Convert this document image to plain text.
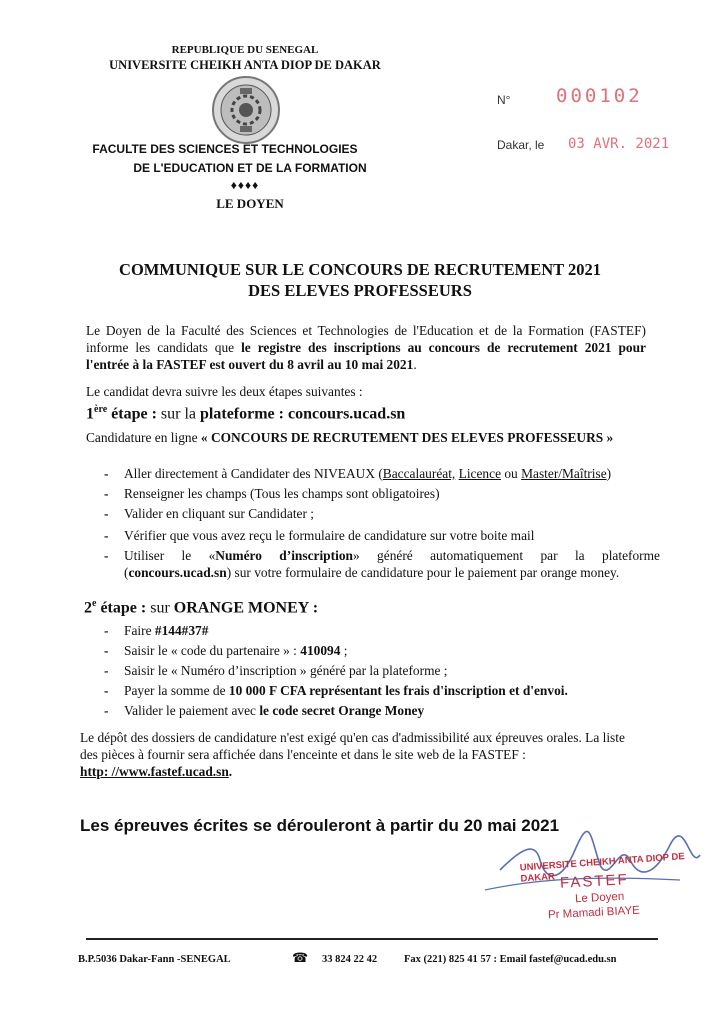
REPUBLIQUE DU SENEGAL
UNIVERSITE CHEIKH ANTA DIOP DE DAKAR
FACULTE DES SCIENCES ET TECHNOLOGIES
DE L'EDUCATION ET DE LA FORMATION
♦♦♦♦
LE DOYEN
N° 000102
Dakar, le 03 AVR. 2021
COMMUNIQUE SUR LE CONCOURS DE RECRUTEMENT 2021
DES ELEVES PROFESSEURS
Le Doyen de la Faculté des Sciences et Technologies de l'Education et de la Formation (FASTEF)
informe les candidats que le registre des inscriptions au concours de recrutement 2021 pour
l'entrée à la FASTEF est ouvert du 8 avril au 10 mai 2021.
Le candidat devra suivre les deux étapes suivantes :
1ère étape : sur la plateforme : concours.ucad.sn
Candidature en ligne « CONCOURS DE RECRUTEMENT DES ELEVES PROFESSEURS »
- Aller directement à Candidater des NIVEAUX (Baccalauréat, Licence ou Master/Maîtrise)
- Renseigner les champs (Tous les champs sont obligatoires)
- Valider en cliquant sur Candidater ;
- Vérifier que vous avez reçu le formulaire de candidature sur votre boite mail
- Utiliser le «Numéro d’inscription» généré automatiquement par la plateforme
(concours.ucad.sn) sur votre formulaire de candidature pour le paiement par orange money.
2e étape : sur ORANGE MONEY :
- Faire #144#37#
- Saisir le « code du partenaire » : 410094 ;
- Saisir le « Numéro d’inscription » généré par la plateforme ;
- Payer la somme de 10 000 F CFA représentant les frais d'inscription et d'envoi.
- Valider le paiement avec le code secret Orange Money
Le dépôt des dossiers de candidature n'est exigé qu'en cas d'admissibilité aux épreuves orales. La liste
des pièces à fournir sera affichée dans l'enceinte et dans le site web de la FASTEF :
http: //www.fastef.ucad.sn.
Les épreuves écrites se dérouleront à partir du 20 mai 2021
UNIVERSITE CHEIKH ANTA DIOP DE DAKAR FASTEF
Le Doyen
Pr Mamadi BIAYE
B.P.5036 Dakar-Fann -SENEGAL	☎ 33 824 22 42	Fax (221) 825 41 57 : Email fastef@ucad.edu.sn
